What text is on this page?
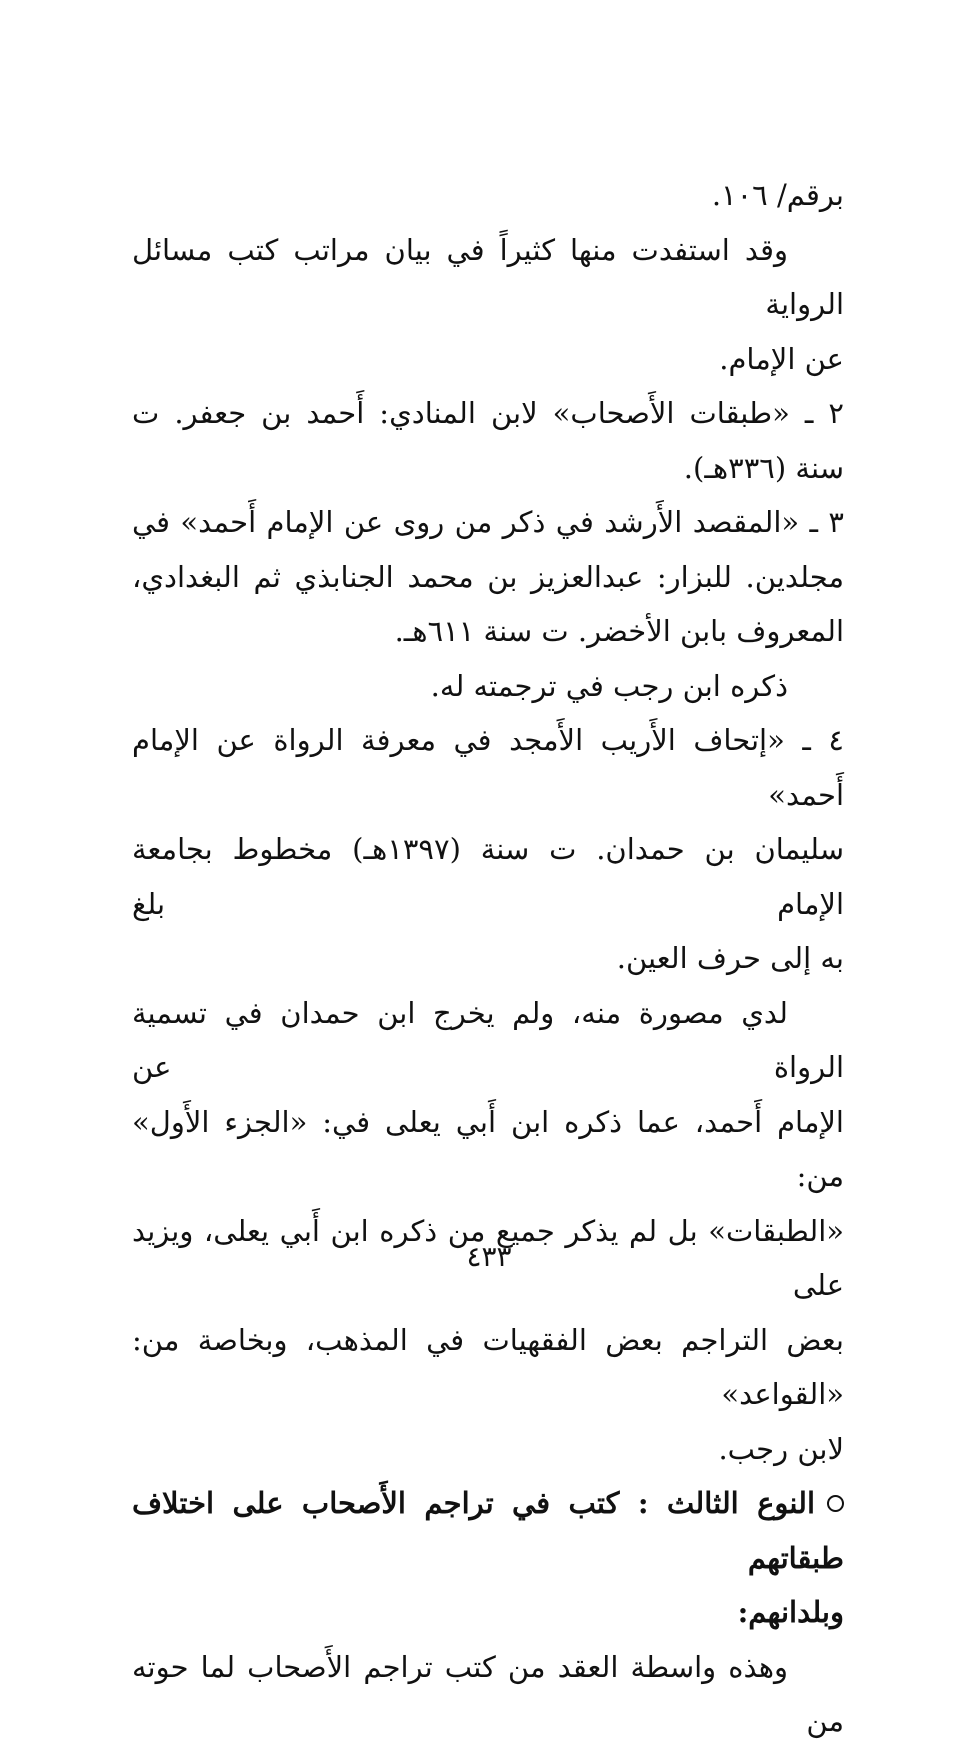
برقم/ ١٠٦.

وقد استفدت منها كثيراً في بيان مراتب كتب مسائل الرواية

عن الإمام.

٢ ـ «طبقات الأَصحاب» لابن المنادي: أَحمد بن جعفر. ت

سنة (٣٣٦هـ).

٣ ـ «المقصد الأَرشد في ذكر من روى عن الإمام أَحمد» في

مجلدين. للبزار: عبدالعزيز بن محمد الجنابذي ثم البغدادي،

المعروف بابن الأخضر. ت سنة ٦١١هـ.

ذكره ابن رجب في ترجمته له.

٤ ـ «إتحاف الأَريب الأَمجد في معرفة الرواة عن الإمام أَحمد»

سليمان بن حمدان. ت سنة (١٣٩٧هـ) مخطوط بجامعة الإمام بلغ

به إلى حرف العين.

لدي مصورة منه، ولم يخرج ابن حمدان في تسمية الرواة عن

الإمام أَحمد، عما ذكره ابن أَبي يعلى في: «الجزء الأَول» من:

«الطبقات» بل لم يذكر جميع من ذكره ابن أَبي يعلى، ويزيد على

بعض التراجم بعض الفقهيات في المذهب، وبخاصة من: «القواعد»

لابن رجب.

النوع الثالث : كتب في تراجم الأَصحاب على اختلاف طبقاتهم

وبلدانهم:

وهذه واسطة العقد من كتب تراجم الأَصحاب لما حوته من

٤٣٣
